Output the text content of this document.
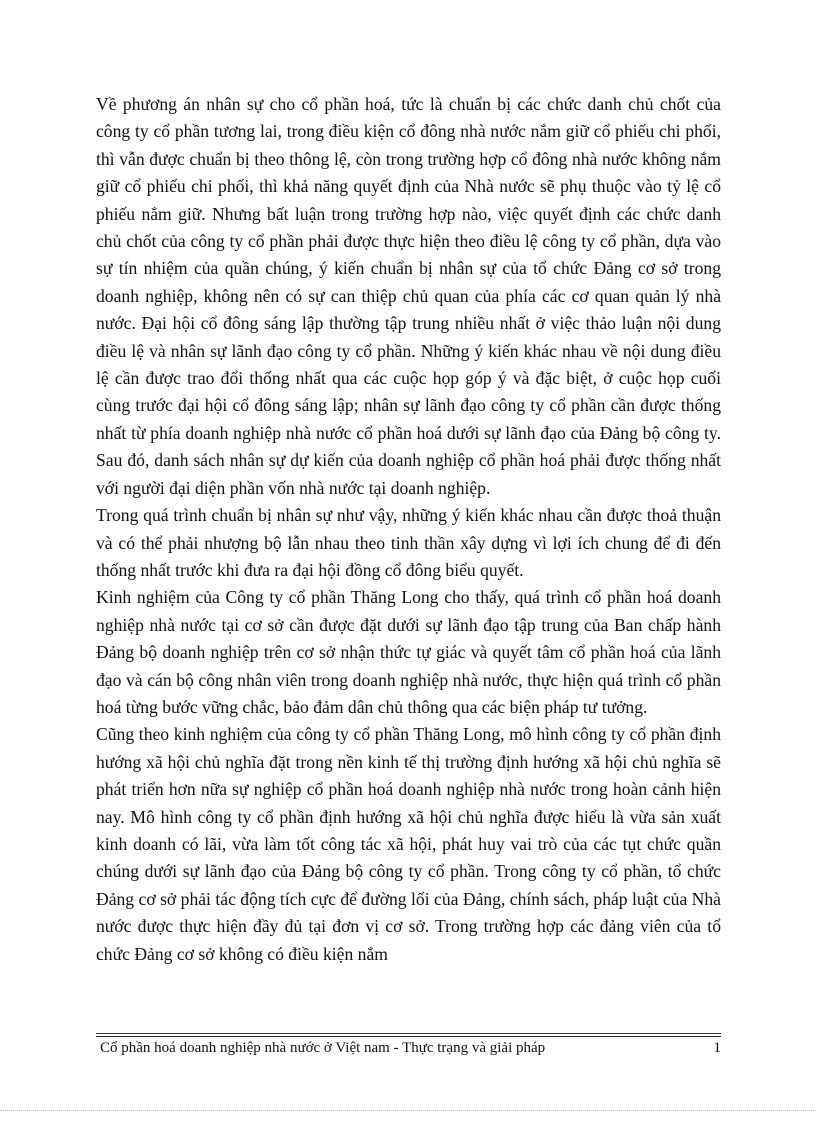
Về phương án nhân sự cho cổ phần hoá, tức là chuẩn bị các chức danh chủ chốt của công ty cổ phần tương lai, trong điều kiện cổ đông nhà nước nắm giữ cổ phiếu chi phối, thì vẫn được chuẩn bị theo thông lệ, còn trong trường hợp cổ đông nhà nước không nắm giữ cổ phiếu chi phối, thì khả năng quyết định của Nhà nước sẽ phụ thuộc vào tỷ lệ cổ phiếu nắm giữ. Nhưng bất luận trong trường hợp nào, việc quyết định các chức danh chủ chốt của công ty cổ phần phải được thực hiện theo điều lệ công ty cổ phần, dựa vào sự tín nhiệm của quần chúng, ý kiến chuẩn bị nhân sự của tổ chức Đảng cơ sở trong doanh nghiệp, không nên có sự can thiệp chủ quan của phía các cơ quan quản lý nhà nước. Đại hội cổ đông sáng lập thường tập trung nhiều nhất ở việc thảo luận nội dung điều lệ và nhân sự lãnh đạo công ty cổ phần. Những ý kiến khác nhau về nội dung điều lệ cần được trao đổi thống nhất qua các cuộc họp góp ý và đặc biệt, ở cuộc họp cuối cùng trước đại hội cổ đông sáng lập; nhân sự lãnh đạo công ty cổ phần cần được thống nhất từ phía doanh nghiệp nhà nước cổ phần hoá dưới sự lãnh đạo của Đảng bộ công ty. Sau đó, danh sách nhân sự dự kiến của doanh nghiệp cổ phần hoá phải được thống nhất với người đại diện phần vốn nhà nước tại doanh nghiệp.

Trong quá trình chuẩn bị nhân sự như vậy, những ý kiến khác nhau cần được thoả thuận và có thể phải nhượng bộ lẫn nhau theo tinh thần xây dựng vì lợi ích chung để đi đến thống nhất trước khi đưa ra đại hội đồng cổ đông biểu quyết.

Kinh nghiệm của Công ty cổ phần Thăng Long cho thấy, quá trình cổ phần hoá doanh nghiệp nhà nước tại cơ sở cần được đặt dưới sự lãnh đạo tập trung của Ban chấp hành Đảng bộ doanh nghiệp trên cơ sở nhận thức tự giác và quyết tâm cổ phần hoá của lãnh đạo và cán bộ công nhân viên trong doanh nghiệp nhà nước, thực hiện quá trình cổ phần hoá từng bước vững chắc, bảo đảm dân chủ thông qua các biện pháp tư tưởng.

Cũng theo kinh nghiệm của công ty cổ phần Thăng Long, mô hình công ty cổ phần định hướng xã hội chủ nghĩa đặt trong nền kinh tế thị trường định hướng xã hội chủ nghĩa sẽ phát triển hơn nữa sự nghiệp cổ phần hoá doanh nghiệp nhà nước trong hoàn cảnh hiện nay. Mô hình công ty cổ phần định hướng xã hội chủ nghĩa được hiểu là vừa sản xuất kinh doanh có lãi, vừa làm tốt công tác xã hội, phát huy vai trò của các tụt chức quần chúng dưới sự lãnh đạo của Đảng bộ công ty cổ phần. Trong công ty cổ phần, tổ chức Đảng cơ sở phải tác động tích cực để đường lối của Đảng, chính sách, pháp luật của Nhà nước được thực hiện đầy đủ tại đơn vị cơ sở. Trong trường hợp các đảng viên của tổ chức Đảng cơ sở không có điều kiện nắm

Cổ phần hoá doanh nghiệp nhà nước ở Việt nam - Thực trạng và giải pháp	1
